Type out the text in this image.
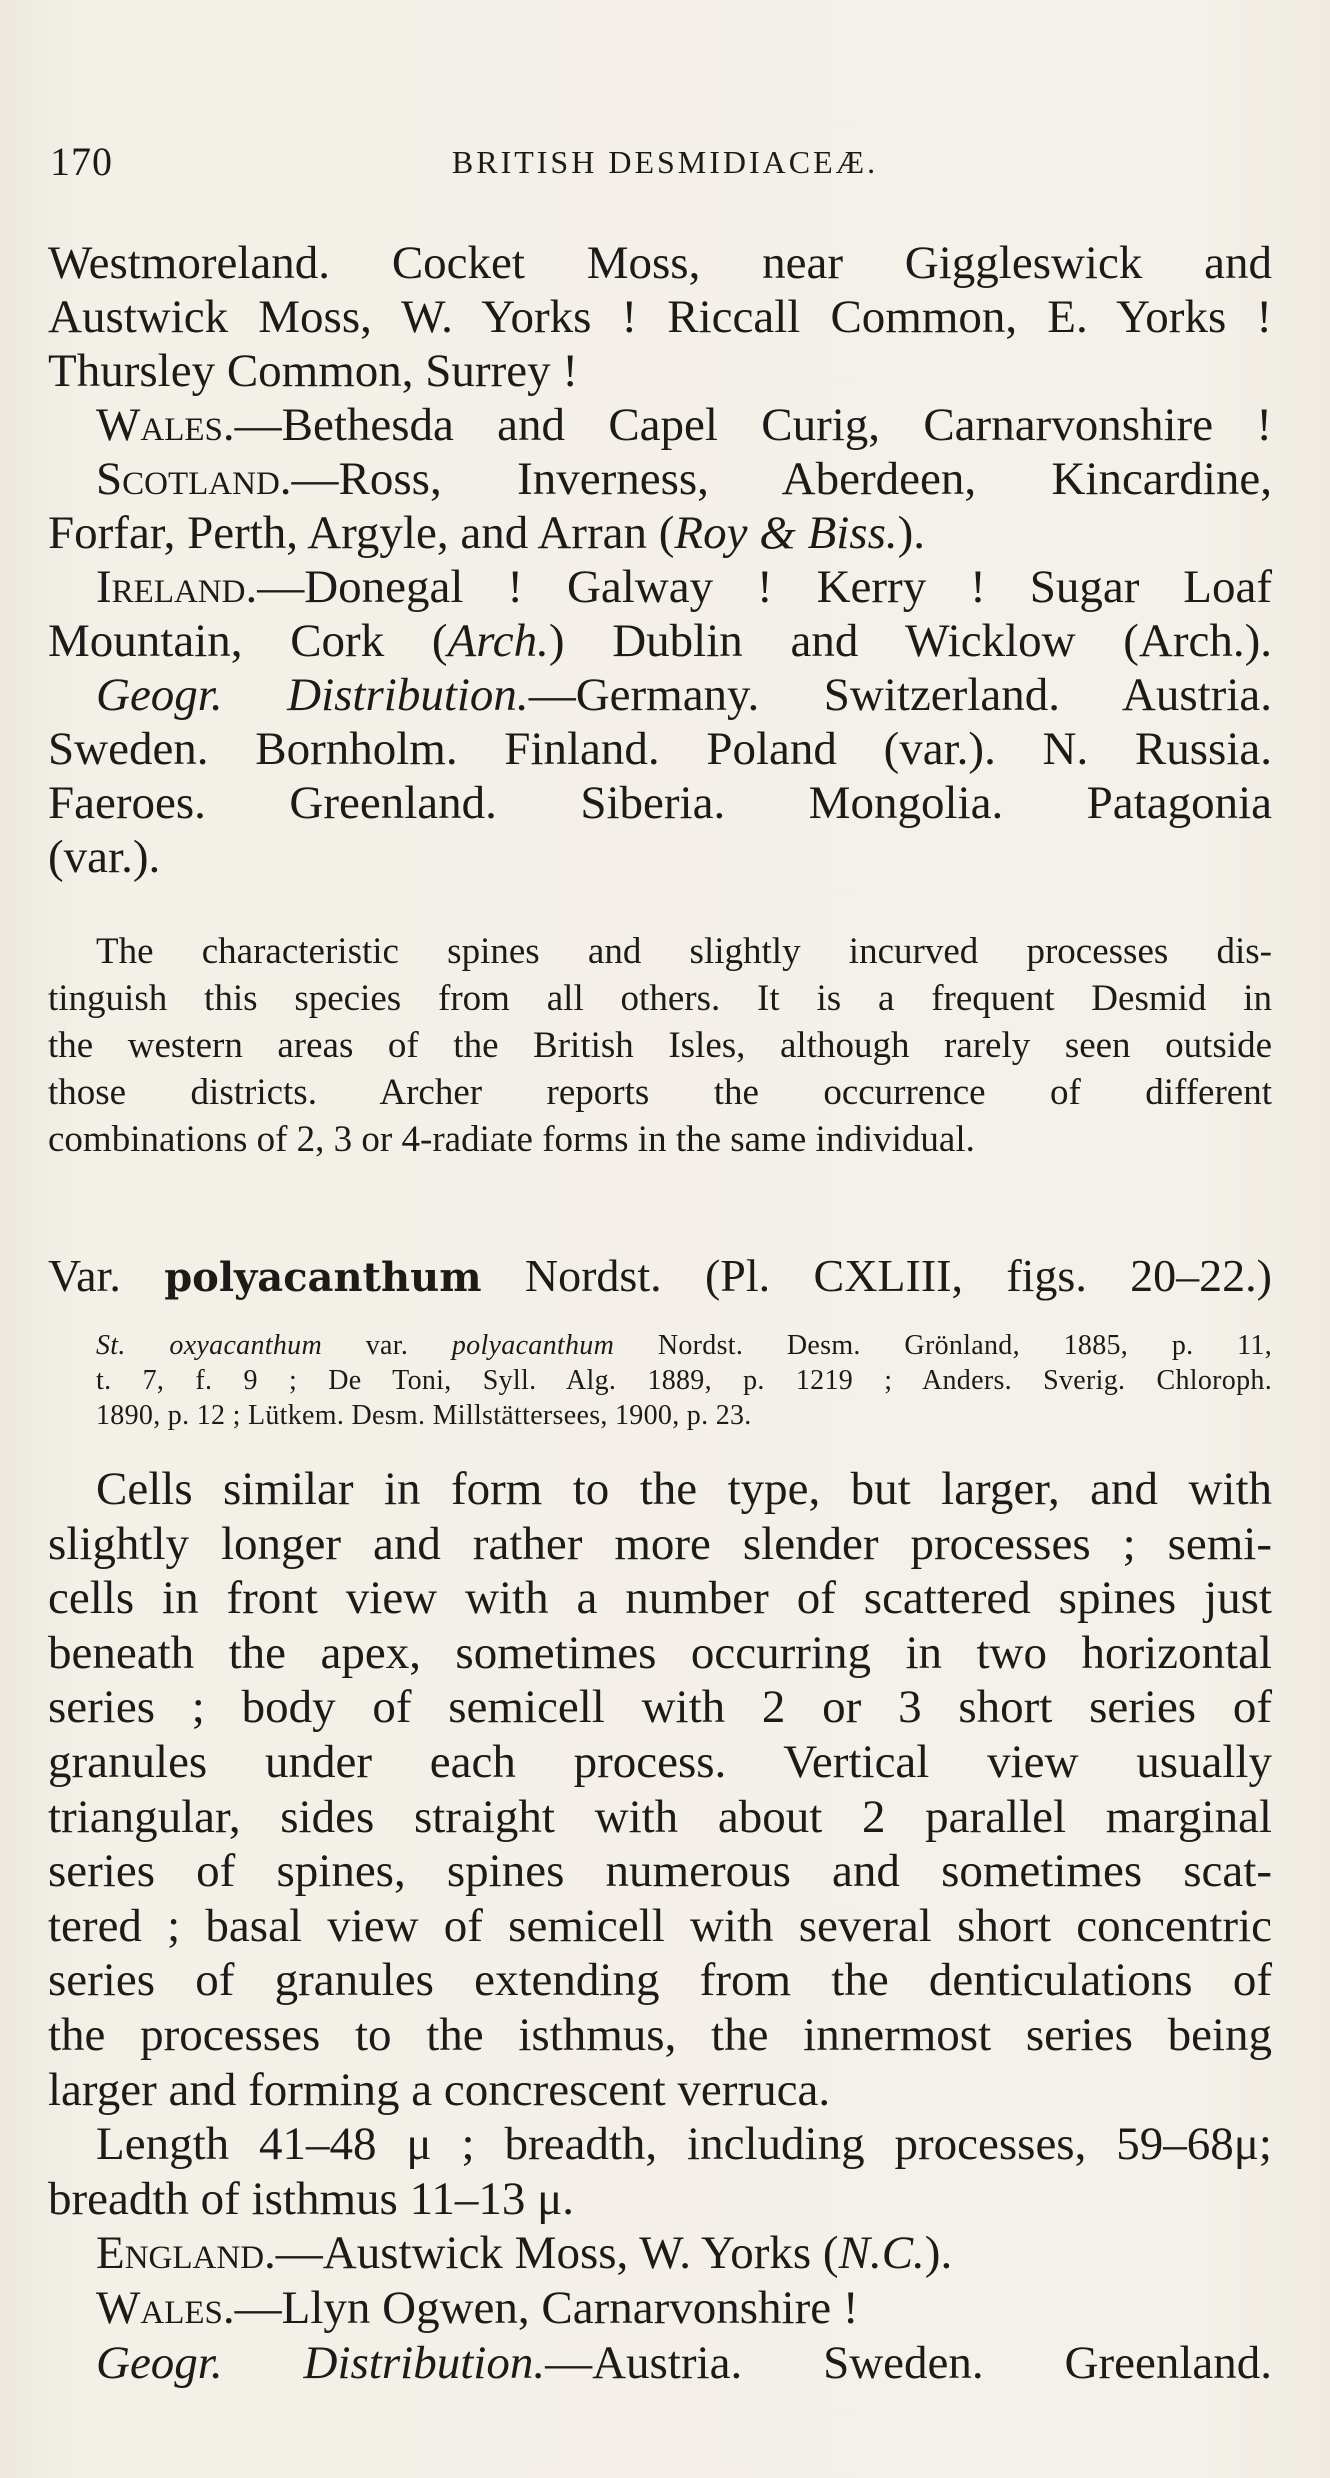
170	BRITISH DESMIDIACEÆ.
Westmoreland. Cocket Moss, near Giggleswick and
Austwick Moss, W. Yorks ! Riccall Common, E. Yorks !
Thursley Common, Surrey !
Wales.—Bethesda and Capel Curig, Carnarvonshire !
Scotland.—Ross, Inverness, Aberdeen, Kincardine,
Forfar, Perth, Argyle, and Arran (Roy & Biss.).
Ireland.—Donegal ! Galway ! Kerry ! Sugar Loaf
Mountain, Cork (Arch.) Dublin and Wicklow (Arch.).
Geogr. Distribution.—Germany. Switzerland. Austria.
Sweden. Bornholm. Finland. Poland (var.). N. Russia.
Faeroes. Greenland. Siberia. Mongolia. Patagonia
(var.).
The characteristic spines and slightly incurved processes dis-
tinguish this species from all others. It is a frequent Desmid in
the western areas of the British Isles, although rarely seen outside
those districts. Archer reports the occurrence of different
combinations of 2, 3 or 4-radiate forms in the same individual.
Var. polyacanthum Nordst. (Pl. CXLIII, figs. 20–22.)
St. oxyacanthum var. polyacanthum Nordst. Desm. Grönland, 1885, p. 11,
t. 7, f. 9 ; De Toni, Syll. Alg. 1889, p. 1219 ; Anders. Sverig. Chloroph.
1890, p. 12 ; Lütkem. Desm. Millstättersees, 1900, p. 23.
Cells similar in form to the type, but larger, and with
slightly longer and rather more slender processes ; semi-
cells in front view with a number of scattered spines just
beneath the apex, sometimes occurring in two horizontal
series ; body of semicell with 2 or 3 short series of
granules under each process. Vertical view usually
triangular, sides straight with about 2 parallel marginal
series of spines, spines numerous and sometimes scat-
tered ; basal view of semicell with several short concentric
series of granules extending from the denticulations of
the processes to the isthmus, the innermost series being
larger and forming a concrescent verruca.
Length 41–48 μ ; breadth, including processes, 59–68μ;
breadth of isthmus 11–13 μ.
England.—Austwick Moss, W. Yorks (N.C.).
Wales.—Llyn Ogwen, Carnarvonshire !
Geogr. Distribution.—Austria. Sweden. Greenland.
